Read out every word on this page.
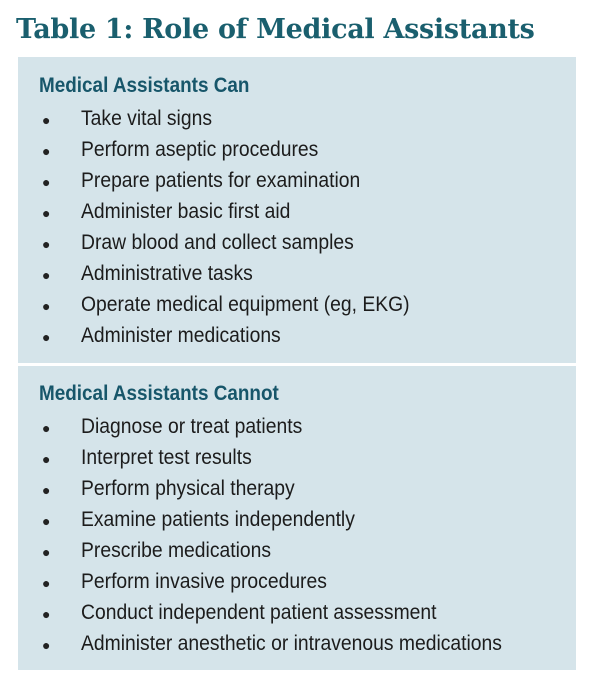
Table 1: Role of Medical Assistants
Medical Assistants Can
● Take vital signs
● Perform aseptic procedures
● Prepare patients for examination
● Administer basic first aid
● Draw blood and collect samples
● Administrative tasks
● Operate medical equipment (eg, EKG)
● Administer medications
Medical Assistants Cannot
● Diagnose or treat patients
● Interpret test results
● Perform physical therapy
● Examine patients independently
● Prescribe medications
● Perform invasive procedures
● Conduct independent patient assessment
● Administer anesthetic or intravenous medications
